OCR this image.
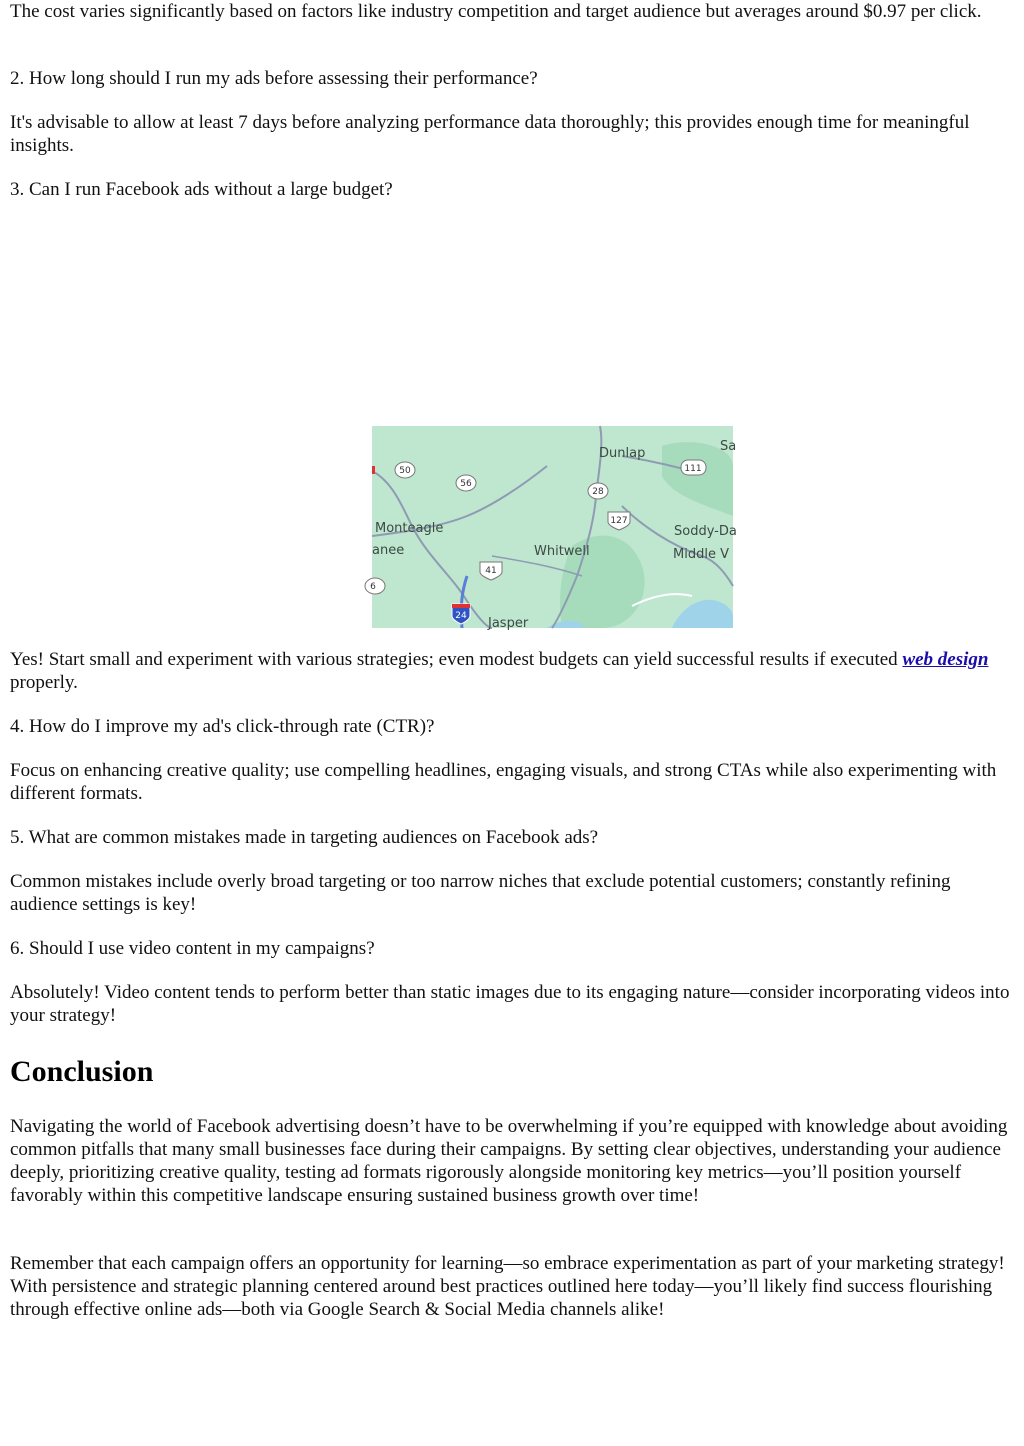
The cost varies significantly based on factors like industry competition and target audience but averages around $0.97 per click.

2. How long should I run my ads before assessing their performance?

It's advisable to allow at least 7 days before analyzing performance data thoroughly; this provides enough time for meaningful insights.

3. Can I run Facebook ads without a large budget?

50
56
28
111
127
41
6
24
Dunlap	Sa
Monteagle
anee	Whitwell
Soddy-Da
Middle V
Jasper

Yes! Start small and experiment with various strategies; even modest budgets can yield successful results if executed web design properly.

4. How do I improve my ad's click-through rate (CTR)?

Focus on enhancing creative quality; use compelling headlines, engaging visuals, and strong CTAs while also experimenting with different formats.

5. What are common mistakes made in targeting audiences on Facebook ads?

Common mistakes include overly broad targeting or too narrow niches that exclude potential customers; constantly refining audience settings is key!

6. Should I use video content in my campaigns?

Absolutely! Video content tends to perform better than static images due to its engaging nature—consider incorporating videos into your strategy!

Conclusion

Navigating the world of Facebook advertising doesn’t have to be overwhelming if you’re equipped with knowledge about avoiding common pitfalls that many small businesses face during their campaigns. By setting clear objectives, understanding your audience deeply, prioritizing creative quality, testing ad formats rigorously alongside monitoring key metrics—you’ll position yourself favorably within this competitive landscape ensuring sustained business growth over time!

Remember that each campaign offers an opportunity for learning—so embrace experimentation as part of your marketing strategy! With persistence and strategic planning centered around best practices outlined here today—you’ll likely find success flourishing through effective online ads—both via Google Search & Social Media channels alike!
